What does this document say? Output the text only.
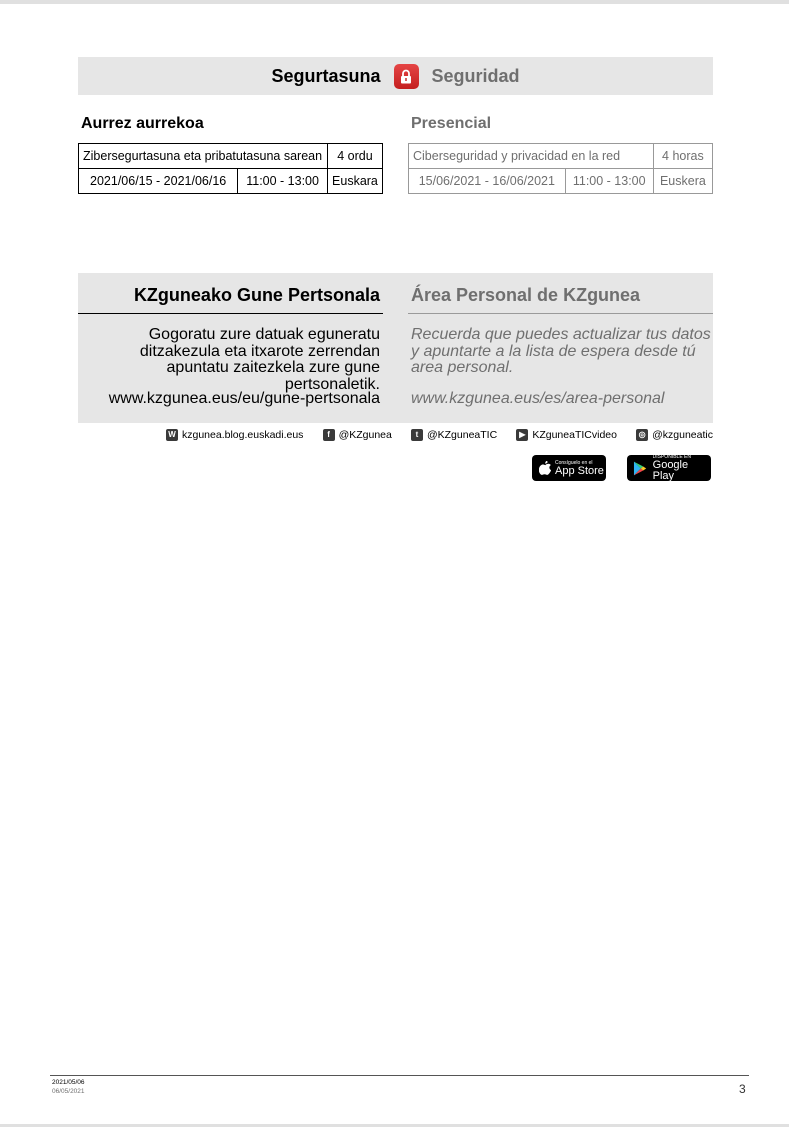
Segurtasuna	Seguridad
Aurrez aurrekoa	Presencial
Zibersegurtasuna eta pribatutasuna sarean		4 ordu
2021/06/15 - 2021/06/16	11:00 - 13:00	Euskara
Ciberseguridad y privacidad en la red		4 horas
15/06/2021 - 16/06/2021	11:00 - 13:00	Euskera
KZguneako Gune Pertsonala
Gogoratu zure datuak eguneratu ditzakezula eta itxarote zerrendan apuntatu zaitezkela zure gune pertsonaletik.
www.kzgunea.eus/eu/gune-pertsonala
Área Personal de KZgunea
Recuerda que puedes actualizar tus datos y apuntarte a la lista de espera desde tú area personal.
www.kzgunea.eus/es/area-personal
W kzgunea.blog.euskadi.eus	f @KZgunea	t @KZguneaTIC	▶ KZguneaTICvideo	◎ @kzguneatic
Consíguelo en el
App Store
DISPONIBLE EN
Google Play
2021/05/06
06/05/2021	3
